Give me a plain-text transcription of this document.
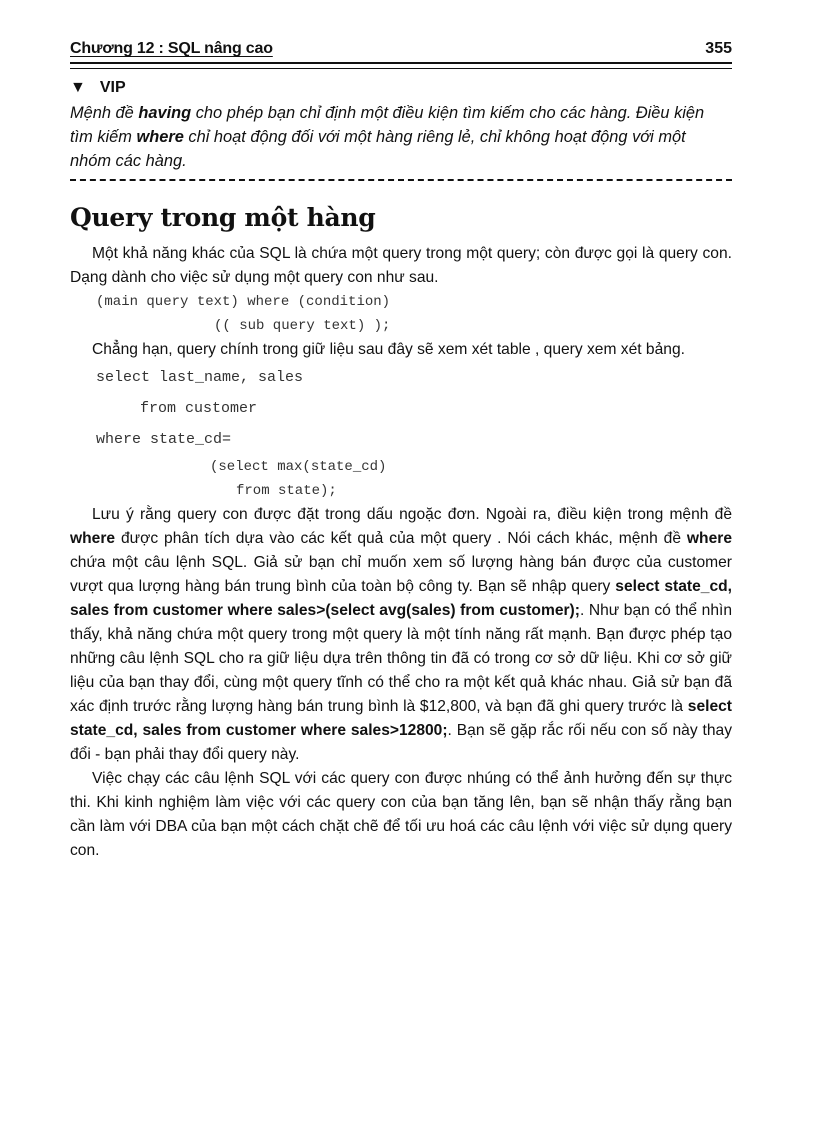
Chương 12 : SQL nâng cao	355
▼ VIP
Mệnh đề having cho phép bạn chỉ định một điều kiện tìm kiếm cho các hàng. Điều kiện tìm kiếm where chỉ hoạt động đối với một hàng riêng lẻ, chỉ không hoạt động với một nhóm các hàng.
Query trong một hàng

Một khả năng khác của SQL là chứa một query trong một query; còn được gọi là query con. Dạng dành cho việc sử dụng một query con như sau.

(main query text) where (condition)
(( sub query text) );

Chẳng hạn, query chính trong giữ liệu sau đây sẽ xem xét table , query xem xét bảng.

select last_name, sales
from customer
where state_cd=
(select max(state_cd)
from state);

Lưu ý rằng query con được đặt trong dấu ngoặc đơn. Ngoài ra, điều kiện trong mệnh đề where được phân tích dựa vào các kết quả của một query . Nói cách khác, mệnh đề where chứa một câu lệnh SQL. Giả sử bạn chỉ muốn xem số lượng hàng bán được của customer vượt qua lượng hàng bán trung bình của toàn bộ công ty. Bạn sẽ nhập query select state_cd, sales from customer where sales>(select avg(sales) from customer);. Như bạn có thể nhìn thấy, khả năng chứa một query trong một query là một tính năng rất mạnh. Bạn được phép tạo những câu lệnh SQL cho ra giữ liệu dựa trên thông tin đã có trong cơ sở dữ liệu. Khi cơ sở giữ liệu của bạn thay đổi, cùng một query tĩnh có thể cho ra một kết quả khác nhau. Giả sử bạn đã xác định trước rằng lượng hàng bán trung bình là $12,800, và bạn đã ghi query trước là select state_cd, sales from customer where sales>12800;. Bạn sẽ gặp rắc rối nếu con số này thay đổi - bạn phải thay đổi query này.

Việc chạy các câu lệnh SQL với các query con được nhúng có thể ảnh hưởng đến sự thực thi. Khi kinh nghiệm làm việc với các query con của bạn tăng lên, bạn sẽ nhận thấy rằng bạn cần làm với DBA của bạn một cách chặt chẽ để tối ưu hoá các câu lệnh với việc sử dụng query con.
